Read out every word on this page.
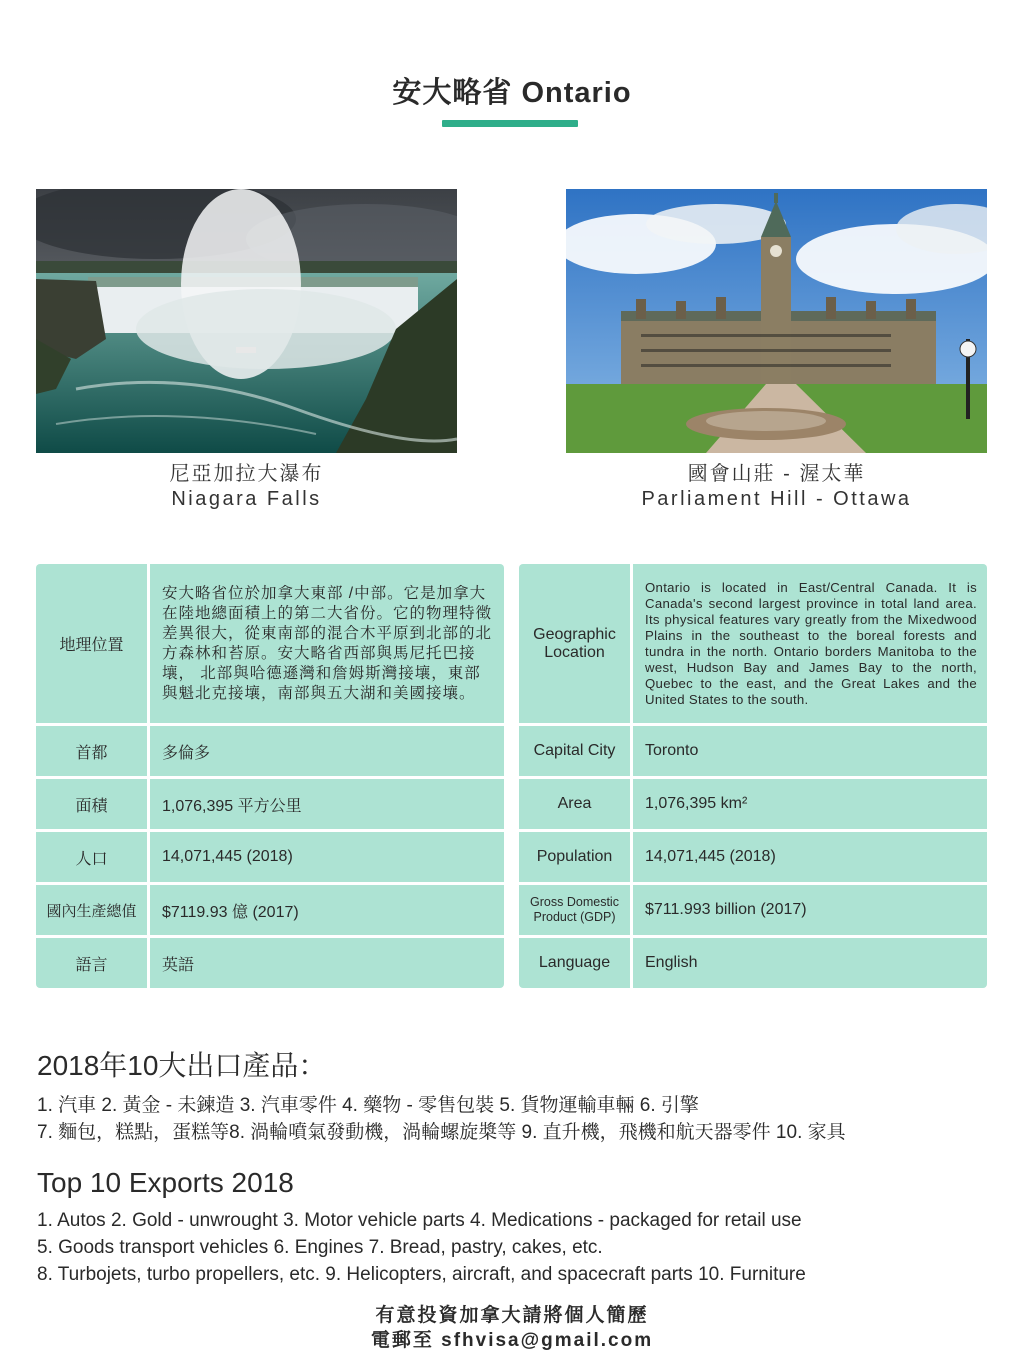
安大略省 Ontario
尼亞加拉大瀑布
Niagara Falls
國會山莊 - 渥太華
Parliament Hill - Ottawa
地理位置
安大略省位於加拿大東部 /中部。它是加拿大在陸地總面積上的第二大省份。它的物理特徵差異很大，從東南部的混合木平原到北部的北方森林和苔原。安大略省西部與馬尼托巴接壤， 北部與哈德遜灣和詹姆斯灣接壤，東部與魁北克接壤，南部與五大湖和美國接壤。
首都	多倫多
面積	1,076,395 平方公里
人口	14,071,445 (2018)
國內生產總值	$7119.93 億 (2017)
語言	英語
Geographic Location
Ontario is located in East/Central Canada. It is Canada's second largest province in total land area. Its physical features vary greatly from the Mixedwood Plains in the southeast to the boreal forests and tundra in the north. Ontario borders Manitoba to the west, Hudson Bay and James Bay to the north, Quebec to the east, and the Great Lakes and the United States to the south.
Capital City	Toronto
Area	1,076,395 km²
Population	14,071,445 (2018)
Gross Domestic Product (GDP)	$711.993 billion (2017)
Language	English
2018年10大出口產品：
1. 汽車 2. 黃金 - 未鍊造 3. 汽車零件 4. 藥物 - 零售包裝 5. 貨物運輸車輛 6. 引擎
7. 麵包，糕點，蛋糕等8. 渦輪噴氣發動機，渦輪螺旋槳等 9. 直升機，飛機和航天器零件 10. 家具
Top 10 Exports 2018
1. Autos 2. Gold - unwrought 3. Motor vehicle parts 4. Medications - packaged for retail use
5. Goods transport vehicles 6. Engines 7. Bread, pastry, cakes, etc.
8. Turbojets, turbo propellers, etc. 9. Helicopters, aircraft, and spacecraft parts 10. Furniture
有意投資加拿大請將個人簡歷
電郵至 sfhvisa@gmail.com
